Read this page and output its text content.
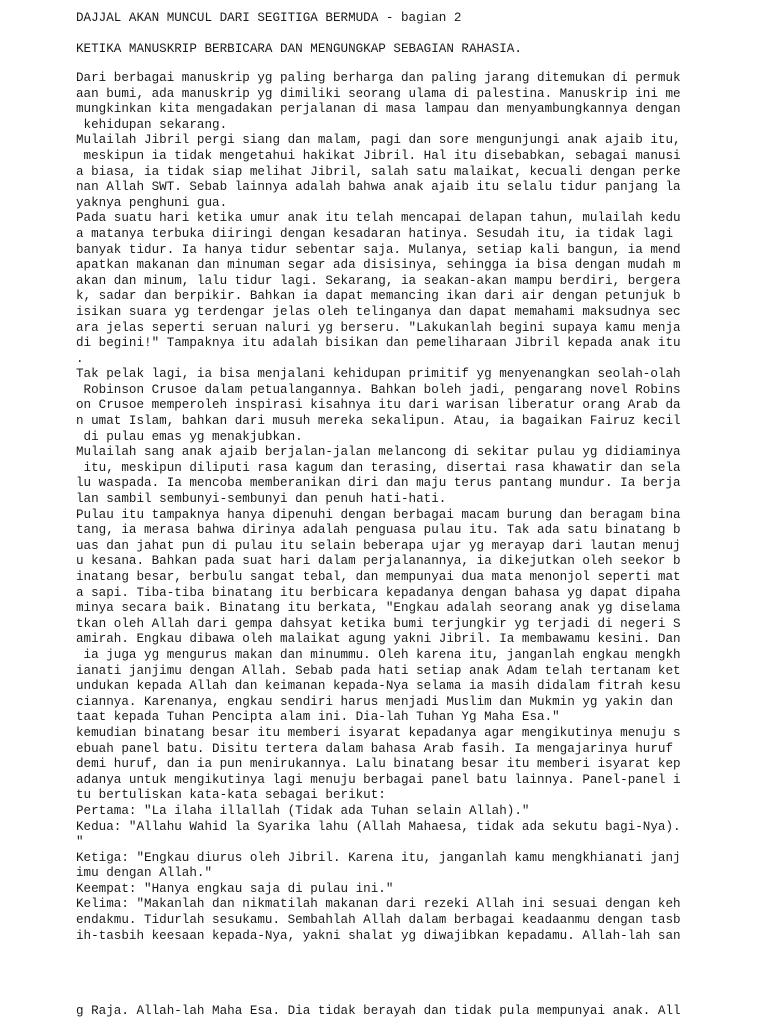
DAJJAL AKAN MUNCUL DARI SEGITIGA BERMUDA - bagian 2
KETIKA MANUSKRIP BERBICARA DAN MENGUNGKAP SEBAGIAN RAHASIA.
Dari berbagai manuskrip yg paling berharga dan paling jarang ditemukan di permuk
aan bumi, ada manuskrip yg dimiliki seorang ulama di palestina. Manuskrip ini me
mungkinkan kita mengadakan perjalanan di masa lampau dan menyambungkannya dengan
kehidupan sekarang.
Mulailah Jibril pergi siang dan malam, pagi dan sore mengunjungi anak ajaib itu,
meskipun ia tidak mengetahui hakikat Jibril. Hal itu disebabkan, sebagai manusi
a biasa, ia tidak siap melihat Jibril, salah satu malaikat, kecuali dengan perke
nan Allah SWT. Sebab lainnya adalah bahwa anak ajaib itu selalu tidur panjang la
yaknya penghuni gua.
Pada suatu hari ketika umur anak itu telah mencapai delapan tahun, mulailah kedu
a matanya terbuka diiringi dengan kesadaran hatinya. Sesudah itu, ia tidak lagi
banyak tidur. Ia hanya tidur sebentar saja. Mulanya, setiap kali bangun, ia mend
apatkan makanan dan minuman segar ada disisinya, sehingga ia bisa dengan mudah m
akan dan minum, lalu tidur lagi. Sekarang, ia seakan-akan mampu berdiri, bergera
k, sadar dan berpikir. Bahkan ia dapat memancing ikan dari air dengan petunjuk b
isikan suara yg terdengar jelas oleh telinganya dan dapat memahami maksudnya sec
ara jelas seperti seruan naluri yg berseru. "Lakukanlah begini supaya kamu menja
di begini!" Tampaknya itu adalah bisikan dan pemeliharaan Jibril kepada anak itu
.
Tak pelak lagi, ia bisa menjalani kehidupan primitif yg menyenangkan seolah-olah
Robinson Crusoe dalam petualangannya. Bahkan boleh jadi, pengarang novel Robins
on Crusoe memperoleh inspirasi kisahnya itu dari warisan liberatur orang Arab da
n umat Islam, bahkan dari musuh mereka sekalipun. Atau, ia bagaikan Fairuz kecil
di pulau emas yg menakjubkan.
Mulailah sang anak ajaib berjalan-jalan melancong di sekitar pulau yg didiaminya
itu, meskipun diliputi rasa kagum dan terasing, disertai rasa khawatir dan sela
lu waspada. Ia mencoba memberanikan diri dan maju terus pantang mundur. Ia berja
lan sambil sembunyi-sembunyi dan penuh hati-hati.
Pulau itu tampaknya hanya dipenuhi dengan berbagai macam burung dan beragam bina
tang, ia merasa bahwa dirinya adalah penguasa pulau itu. Tak ada satu binatang b
uas dan jahat pun di pulau itu selain beberapa ujar yg merayap dari lautan menuj
u kesana. Bahkan pada suat hari dalam perjalanannya, ia dikejutkan oleh seekor b
inatang besar, berbulu sangat tebal, dan mempunyai dua mata menonjol seperti mat
a sapi. Tiba-tiba binatang itu berbicara kepadanya dengan bahasa yg dapat dipaha
minya secara baik. Binatang itu berkata, "Engkau adalah seorang anak yg diselama
tkan oleh Allah dari gempa dahsyat ketika bumi terjungkir yg terjadi di negeri S
amirah. Engkau dibawa oleh malaikat agung yakni Jibril. Ia membawamu kesini. Dan
ia juga yg mengurus makan dan minummu. Oleh karena itu, janganlah engkau mengkh
ianati janjimu dengan Allah. Sebab pada hati setiap anak Adam telah tertanam ket
undukan kepada Allah dan keimanan kepada-Nya selama ia masih didalam fitrah kesu
ciannya. Karenanya, engkau sendiri harus menjadi Muslim dan Mukmin yg yakin dan
taat kepada Tuhan Pencipta alam ini. Dia-lah Tuhan Yg Maha Esa."
kemudian binatang besar itu memberi isyarat kepadanya agar mengikutinya menuju s
ebuah panel batu. Disitu tertera dalam bahasa Arab fasih. Ia mengajarinya huruf
demi huruf, dan ia pun menirukannya. Lalu binatang besar itu memberi isyarat kep
adanya untuk mengikutinya lagi menuju berbagai panel batu lainnya. Panel-panel i
tu bertuliskan kata-kata sebagai berikut:
Pertama: "La ilaha illallah (Tidak ada Tuhan selain Allah)."
Kedua: "Allahu Wahid la Syarika lahu (Allah Mahaesa, tidak ada sekutu bagi-Nya).
"
Ketiga: "Engkau diurus oleh Jibril. Karena itu, janganlah kamu mengkhianati janj
imu dengan Allah."
Keempat: "Hanya engkau saja di pulau ini."
Kelima: "Makanlah dan nikmatilah makanan dari rezeki Allah ini sesuai dengan keh
endakmu. Tidurlah sesukamu. Sembahlah Allah dalam berbagai keadaanmu dengan tasb
ih-tasbih keesaan kepada-Nya, yakni shalat yg diwajibkan kepadamu. Allah-lah san
g Raja. Allah-lah Maha Esa. Dia tidak berayah dan tidak pula mempunyai anak. All
